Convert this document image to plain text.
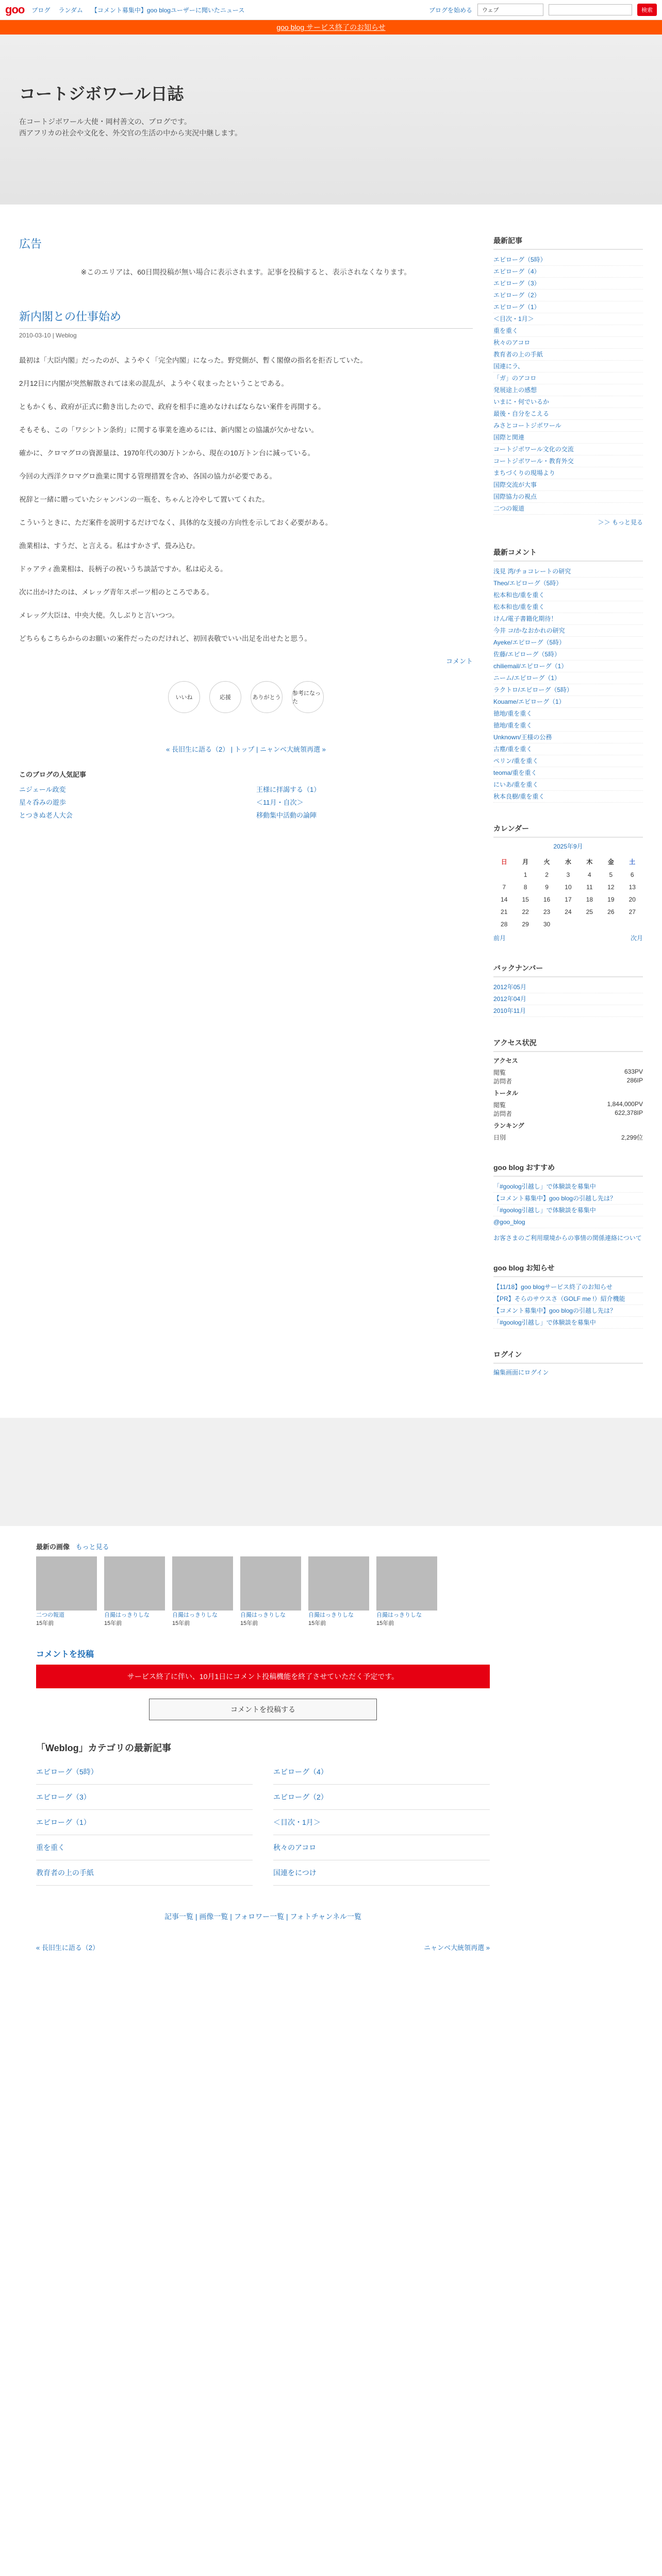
goo ブログ ランダム 【コメント募集中】goo blogユーザーに聞いたニュース	ブログを始める	ウェブ	検索
goo blog サービス終了のお知らせ
コートジボワール日誌
在コートジボワール大使・岡村善文の、ブログです。
西アフリカの社会や文化を、外交官の生活の中から実況中継します。
広告
※このエリアは、60日間投稿が無い場合に表示されます。記事を投稿すると、表示されなくなります。
新内閣との仕事始め
2010-03-10 | Weblog

最初は「大臣内閣」だったのが、ようやく「完全内閣」になった。野党側が、暫く閣僚の指名を拒否していた。

2月12日に内閣が突然解散されては来の混乱が、ようやく収まったということである。

ともかくも、政府が正式に動き出したので、政府を相手に進めなければならない案件を再開する。

そもそも、この「ワシントン条約」に関する事業を進めるには、新内閣との協議が欠かせない。

確かに、クロマグロの資源量は、1970年代の30万トンから、現在の10万トン台に減っている。

今回の大西洋クロマグロ漁業に関する管理措置を含め、各国の協力が必要である。

祝辞と一緒に贈っていたシャンパンの一瓶を、ちゃんと冷やして置いてくれた。

こういうときに、ただ案件を説明するだけでなく、具体的な支援の方向性を示しておく必要がある。

漁業相は、すうだ、と言える。私はすかさず、畳み込む。

ドゥアティ漁業相は、長柄子の祝いうち談話ですか。私は応える。

次に出かけたのは、メレッグ青年スポーツ相のところである。

メレッグ大臣は、中央大使。久しぶりと言いつつ。

どちらもこちらからのお願いの案件だったのだけれど、初回表敬でいい出足を出せたと思う。

コメント
いいね	応援	ありがとう
参考になった
« 長旧生に語る（2） | トップ | ニャンベ大統領再選 »
このブログの人気記事
ニジェール政変	王様に拝謁する（1）
星々呑みの遊歩	＜11月・自次＞
とつきぬ老人大会	移動集中活動の論陣
最新記事
エピローグ（5時）
エピローグ（4）
エピローグ（3）
エピローグ（2）
エピローグ（1）
＜目次・1月＞
重を重く
秋々のアコロ
教育者の上の手紙
国連にラ、
「ガ」のアコロ
発展途上の感想
いまに・何でいるか
最後・自分をこえる
みさとコートジボワール
国際と関連
コートジボワール文化の交流
コートジボワール・教育外交
まちづくりの現場より
国際交流が大事
国際協力の視点
二つの報道
＞＞ もっと見る
最新コメント
浅見 湾/チョコレートの研究
Theo/エピローグ（5時）
松本和也/重を重く
松本和也/重を重く
けん/電子書籍化期待！
今井 コ/かなおかれの研究
Ayeke/エピローグ（5時）
佐藤/エピローグ（5時）
chiliemail/エピローグ（1）
ニーム/エピローグ（1）
ラクトロ/エピローグ（5時）
Kouame/エピローグ（1）
徳地/重を重く
徳地/重を重く
Unknown/王様の公務
古塵/重を重く
ペリン/重を重く
teoma/重を重く
にいあ/重を重く
秋本良樹/重を重く
カレンダー
2025年9月
日	月	火	水	木	金	土
	1	2	3	4	5	6
7	8	9	10	11	12	13
14	15	16	17	18	19	20
21	22	23	24	25	26	27
28	29	30				
前月	次月
バックナンバー
2012年05月
2012年04月
2010年11月
アクセス状況
アクセス
閲覧	633PV
訪問者	286IP
トータル
閲覧	1,844,000PV
訪問者	622,378IP
ランキング
日別	2,299位
goo blog おすすめ
「#goolog引越し」で体験談を募集中
【コメント募集中】goo blogの引越し先は？
「#goolog引越し」で体験談を募集中
@goo_blog
お客さまのご利用環境からの事情の関係連絡について
goo blog お知らせ
【11/18】goo blogサービス終了のお知らせ
【PR】そらのサウスさ（GOLF me !）紹介機能
【コメント募集中】goo blogの引越し先は？
「#goolog引越し」で体験談を募集中
ログイン
編集画面にログイン
最新の画像 もっと見る
二つの報道
15年前
自撮はっきりしな
15年前
自撮はっきりしな
15年前
自撮はっきりしな
15年前
自撮はっきりしな
15年前
自撮はっきりしな
15年前
コメントを投稿
サービス終了に伴い、10月1日にコメント投稿機能を終了させていただく予定です。
コメントを投稿する
「Weblog」カテゴリの最新記事
エピローグ（5時）	エピローグ（4）
エピローグ（3）	エピローグ（2）
エピローグ（1）	＜目次・1月＞
重を重く	秋々のアコロ
教育者の上の手紙	国連をにつけ
記事一覧 | 画像一覧 | フォロワー一覧 | フォトチャンネル一覧
« 長旧生に語る（2）	ニャンベ大統領再選 »
